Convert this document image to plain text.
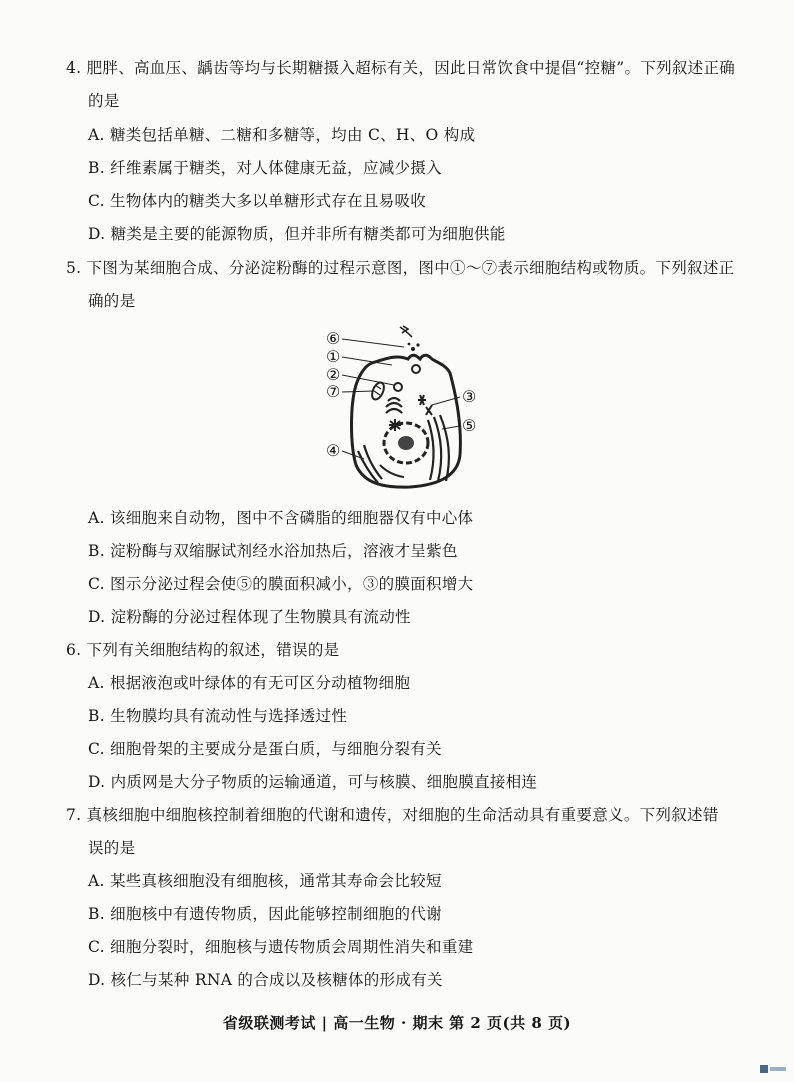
4. 肥胖、高血压、龋齿等均与长期糖摄入超标有关，因此日常饮食中提倡“控糖”。下列叙述正确
的是
A. 糖类包括单糖、二糖和多糖等，均由 C、H、O 构成
B. 纤维素属于糖类，对人体健康无益，应减少摄入
C. 生物体内的糖类大多以单糖形式存在且易吸收
D. 糖类是主要的能源物质，但并非所有糖类都可为细胞供能
5. 下图为某细胞合成、分泌淀粉酶的过程示意图，图中①～⑦表示细胞结构或物质。下列叙述正
确的是
⑥
①
②
⑦	③
⑤
④
A. 该细胞来自动物，图中不含磷脂的细胞器仅有中心体
B. 淀粉酶与双缩脲试剂经水浴加热后，溶液才呈紫色
C. 图示分泌过程会使⑤的膜面积减小，③的膜面积增大
D. 淀粉酶的分泌过程体现了生物膜具有流动性
6. 下列有关细胞结构的叙述，错误的是
A. 根据液泡或叶绿体的有无可区分动植物细胞
B. 生物膜均具有流动性与选择透过性
C. 细胞骨架的主要成分是蛋白质，与细胞分裂有关
D. 内质网是大分子物质的运输通道，可与核膜、细胞膜直接相连
7. 真核细胞中细胞核控制着细胞的代谢和遗传，对细胞的生命活动具有重要意义。下列叙述错
误的是
A. 某些真核细胞没有细胞核，通常其寿命会比较短
B. 细胞核中有遗传物质，因此能够控制细胞的代谢
C. 细胞分裂时，细胞核与遗传物质会周期性消失和重建
D. 核仁与某种 RNA 的合成以及核糖体的形成有关
省级联测考试 | 高一生物 · 期末 第 2 页(共 8 页)
